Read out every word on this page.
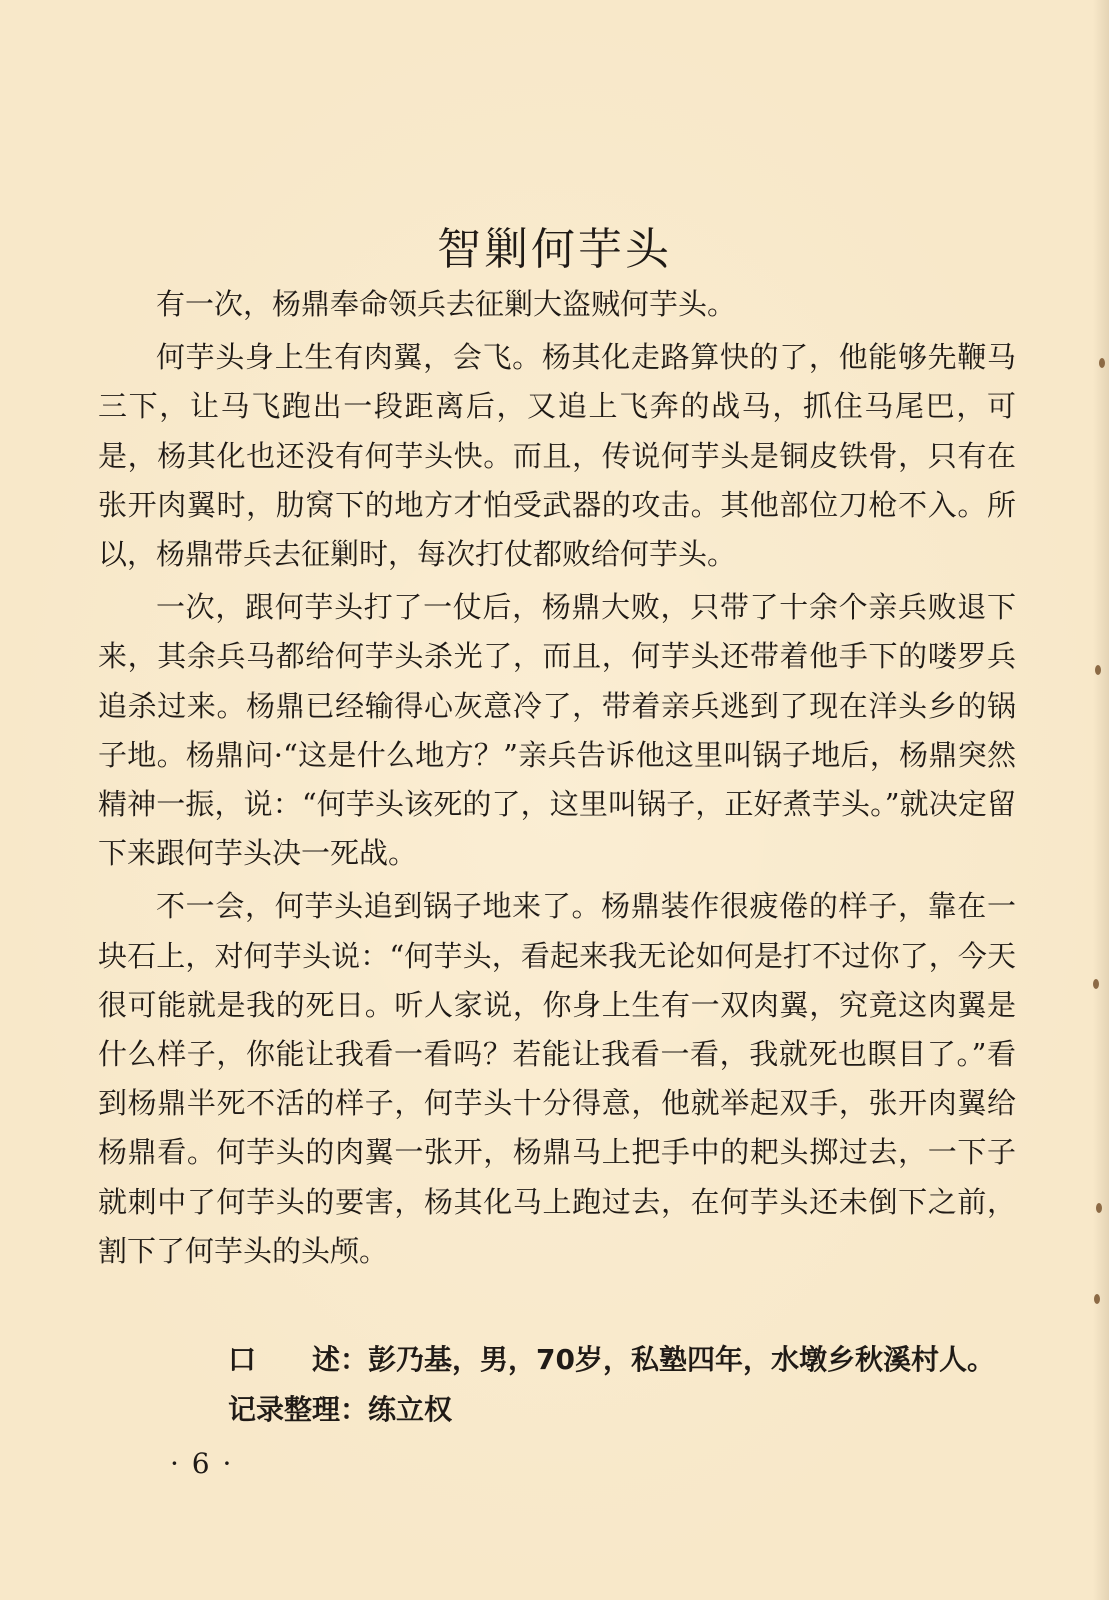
智剿何芋头

有一次，杨鼎奉命领兵去征剿大盗贼何芋头。

何芋头身上生有肉翼，会飞。杨其化走路算快的了，他能够先鞭马三下，让马飞跑出一段距离后，又追上飞奔的战马，抓住马尾巴，可是，杨其化也还没有何芋头快。而且，传说何芋头是铜皮铁骨，只有在张开肉翼时，肋窝下的地方才怕受武器的攻击。其他部位刀枪不入。所以，杨鼎带兵去征剿时，每次打仗都败给何芋头。

一次，跟何芋头打了一仗后，杨鼎大败，只带了十余个亲兵败退下来，其余兵马都给何芋头杀光了，而且，何芋头还带着他手下的喽罗兵追杀过来。杨鼎已经输得心灰意冷了，带着亲兵逃到了现在洋头乡的锅子地。杨鼎问·“这是什么地方？”亲兵告诉他这里叫锅子地后，杨鼎突然精神一振，说：“何芋头该死的了，这里叫锅子，正好煮芋头。”就决定留下来跟何芋头决一死战。

不一会，何芋头追到锅子地来了。杨鼎装作很疲倦的样子，靠在一块石上，对何芋头说：“何芋头，看起来我无论如何是打不过你了，今天很可能就是我的死日。听人家说，你身上生有一双肉翼，究竟这肉翼是什么样子，你能让我看一看吗？若能让我看一看，我就死也瞑目了。”看到杨鼎半死不活的样子，何芋头十分得意，他就举起双手，张开肉翼给杨鼎看。何芋头的肉翼一张开，杨鼎马上把手中的耙头掷过去，一下子就刺中了何芋头的要害，杨其化马上跑过去，在何芋头还未倒下之前，割下了何芋头的头颅。

口　　述：彭乃基，男，70岁，私塾四年，水墩乡秋溪村人。
记录整理：练立权
· 6 ·
